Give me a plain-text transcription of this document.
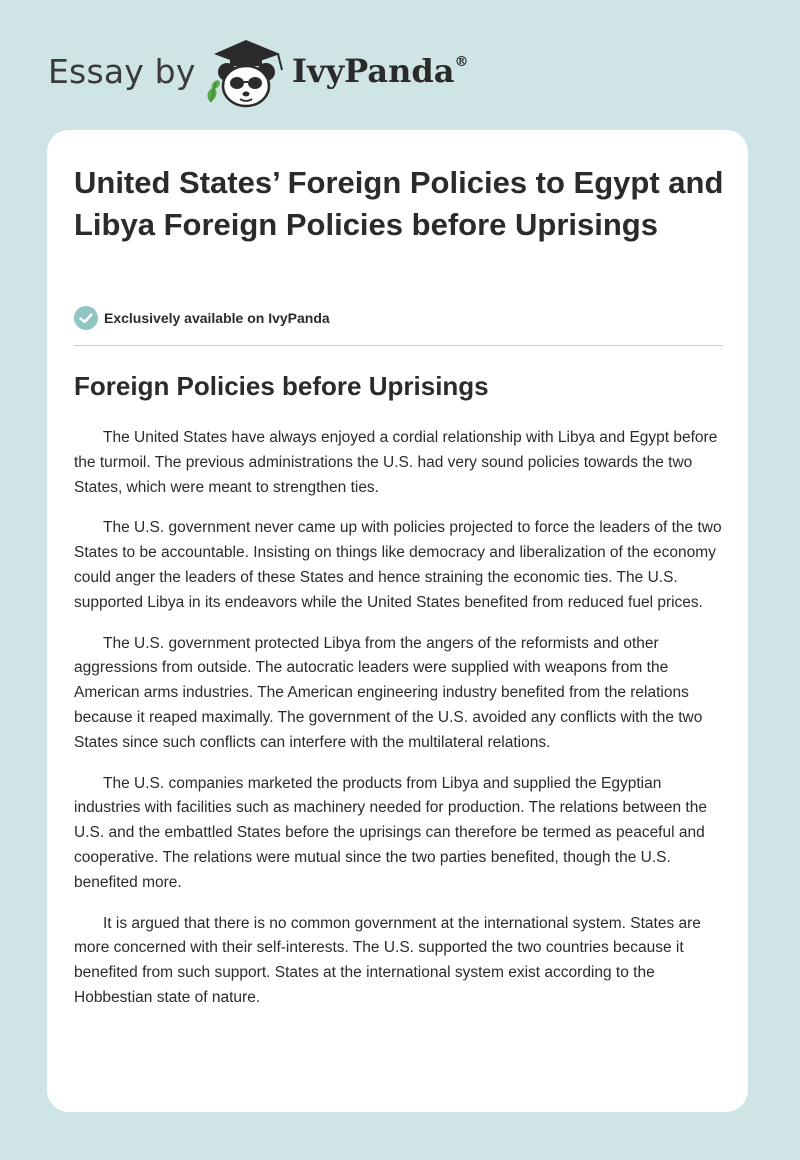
Essay by	IvyPanda®
United States’ Foreign Policies to Egypt and Libya Foreign Policies before Uprisings
Exclusively available on IvyPanda
Foreign Policies before Uprisings

The United States have always enjoyed a cordial relationship with Libya and Egypt before the turmoil. The previous administrations the U.S. had very sound policies towards the two States, which were meant to strengthen ties.

The U.S. government never came up with policies projected to force the leaders of the two States to be accountable. Insisting on things like democracy and liberalization of the economy could anger the leaders of these States and hence straining the economic ties. The U.S. supported Libya in its endeavors while the United States benefited from reduced fuel prices.

The U.S. government protected Libya from the angers of the reformists and other aggressions from outside. The autocratic leaders were supplied with weapons from the American arms industries. The American engineering industry benefited from the relations because it reaped maximally. The government of the U.S. avoided any conflicts with the two States since such conflicts can interfere with the multilateral relations.

The U.S. companies marketed the products from Libya and supplied the Egyptian industries with facilities such as machinery needed for production. The relations between the U.S. and the embattled States before the uprisings can therefore be termed as peaceful and cooperative. The relations were mutual since the two parties benefited, though the U.S. benefited more.

It is argued that there is no common government at the international system. States are more concerned with their self-interests. The U.S. supported the two countries because it benefited from such support. States at the international system exist according to the Hobbestian state of nature.
